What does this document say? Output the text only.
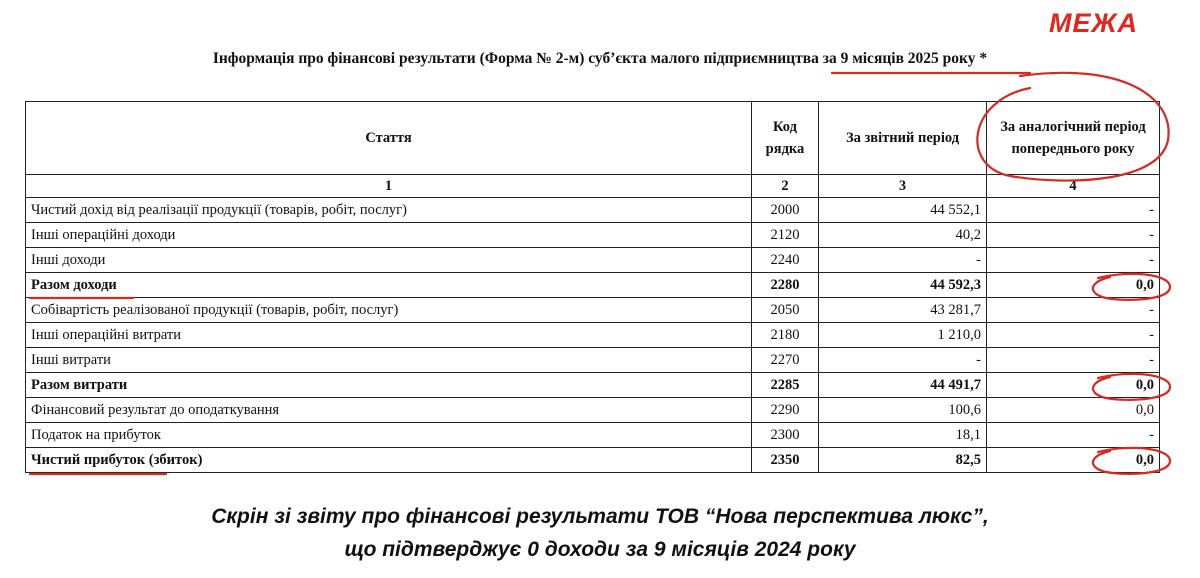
МЕЖА
Інформація про фінансові результати (Форма № 2-м) суб’єкта малого підприємництва за 9 місяців 2025 року *
Стаття	Код рядка	За звітний період	За аналогічний період попереднього року
1	2	3	4
Чистий дохід від реалізації продукції (товарів, робіт, послуг)	2000	44 552,1	-
Інші операційні доходи	2120	40,2	-
Інші доходи	2240	-	-
Разом доходи	2280	44 592,3	0,0
Собівартість реалізованої продукції (товарів, робіт, послуг)	2050	43 281,7	-
Інші операційні витрати	2180	1 210,0	-
Інші витрати	2270	-	-
Разом витрати	2285	44 491,7	0,0
Фінансовий результат до оподаткування	2290	100,6	0,0
Податок на прибуток	2300	18,1	-
Чистий прибуток (збиток)	2350	82,5	0,0
Скрін зі звіту про фінансові результати ТОВ “Нова перспектива люкс”,
що підтверджує 0 доходи за 9 місяців 2024 року
